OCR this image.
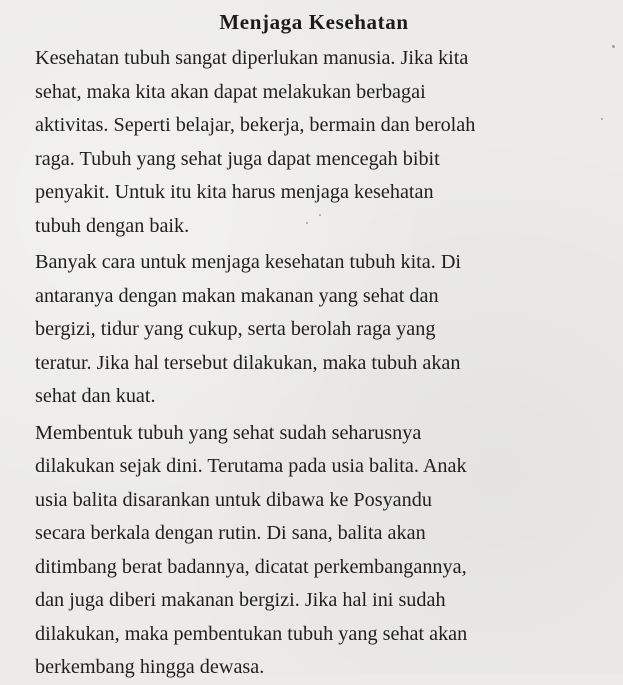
Menjaga Kesehatan

Kesehatan tubuh sangat diperlukan manusia. Jika kita
sehat, maka kita akan dapat melakukan berbagai
aktivitas. Seperti belajar, bekerja, bermain dan berolah
raga. Tubuh yang sehat juga dapat mencegah bibit
penyakit. Untuk itu kita harus menjaga kesehatan
tubuh dengan baik.

Banyak cara untuk menjaga kesehatan tubuh kita. Di
antaranya dengan makan makanan yang sehat dan
bergizi, tidur yang cukup, serta berolah raga yang
teratur. Jika hal tersebut dilakukan, maka tubuh akan
sehat dan kuat.

Membentuk tubuh yang sehat sudah seharusnya
dilakukan sejak dini. Terutama pada usia balita. Anak
usia balita disarankan untuk dibawa ke Posyandu
secara berkala dengan rutin. Di sana, balita akan
ditimbang berat badannya, dicatat perkembangannya,
dan juga diberi makanan bergizi. Jika hal ini sudah
dilakukan, maka pembentukan tubuh yang sehat akan
berkembang hingga dewasa.
